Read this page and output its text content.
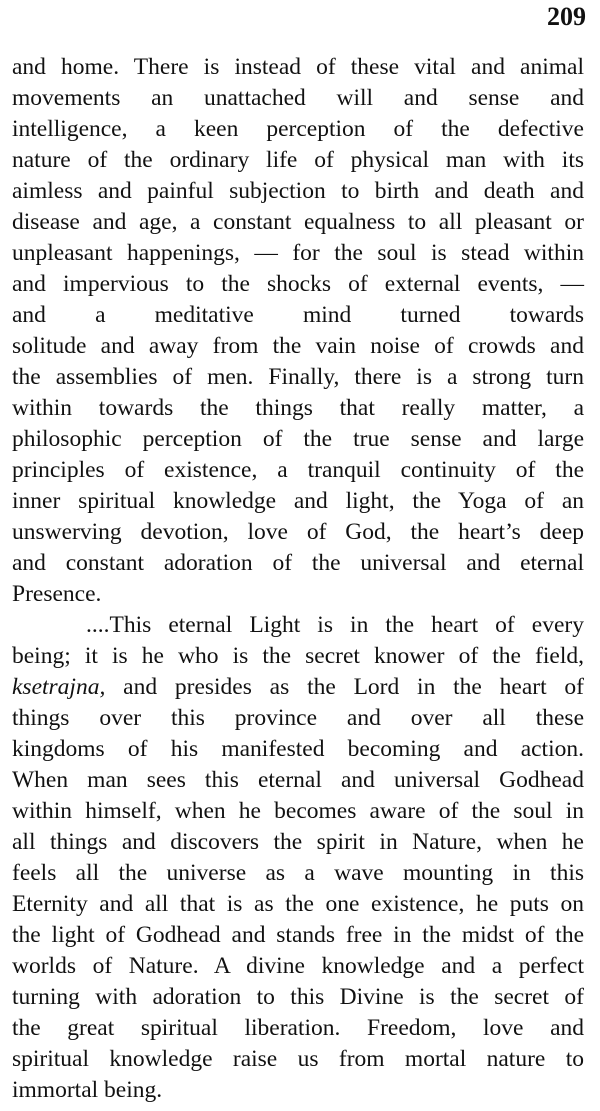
209

and home. There is instead of these vital and animal
movements an unattached will and sense and
intelligence, a keen perception of the defective
nature of the ordinary life of physical man with its
aimless and painful subjection to birth and death and
disease and age, a constant equalness to all pleasant or
unpleasant happenings, — for the soul is stead within
and impervious to the shocks of external events, —
and a meditative mind turned towards
solitude and away from the vain noise of crowds and
the assemblies of men. Finally, there is a strong turn
within towards the things that really matter, a
philosophic perception of the true sense and large
principles of existence, a tranquil continuity of the
inner spiritual knowledge and light, the Yoga of an
unswerving devotion, love of God, the heart’s deep
and constant adoration of the universal and eternal
Presence.
....This eternal Light is in the heart of every
being; it is he who is the secret knower of the field,
ksetrajna, and presides as the Lord in the heart of
things over this province and over all these
kingdoms of his manifested becoming and action.
When man sees this eternal and universal Godhead
within himself, when he becomes aware of the soul in
all things and discovers the spirit in Nature, when he
feels all the universe as a wave mounting in this
Eternity and all that is as the one existence, he puts on
the light of Godhead and stands free in the midst of the
worlds of Nature. A divine knowledge and a perfect
turning with adoration to this Divine is the secret of
the great spiritual liberation. Freedom, love and
spiritual knowledge raise us from mortal nature to
immortal being.
